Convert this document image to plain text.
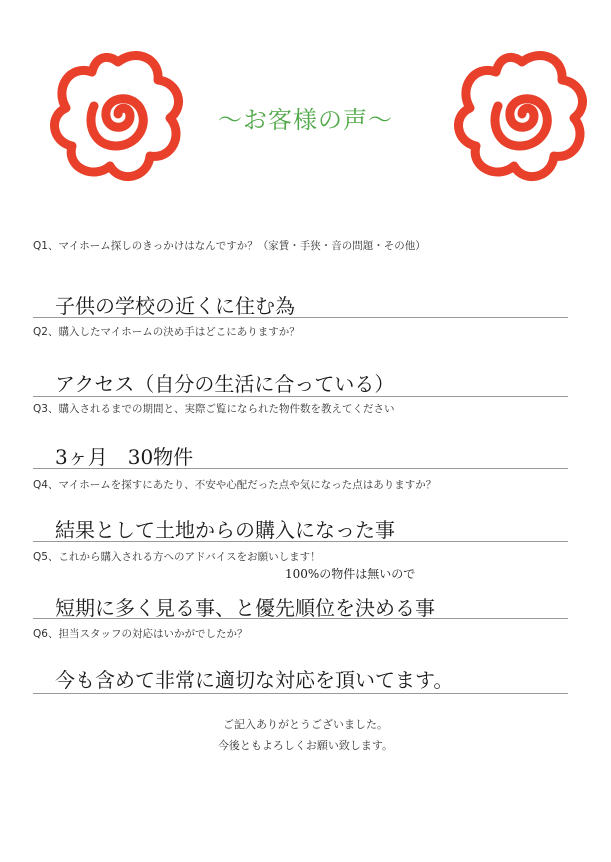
～お客様の声～
Q1、マイホーム探しのきっかけはなんですか？（家賃・手狭・音の問題・その他）
子供の学校の近くに住む為
Q2、購入したマイホームの決め手はどこにありますか？
アクセス（自分の生活に合っている）
Q3、購入されるまでの期間と、実際ご覧になられた物件数を教えてください
3ヶ月　30物件
Q4、マイホームを探すにあたり、不安や心配だった点や気になった点はありますか？
結果として土地からの購入になった事
Q5、これから購入される方へのアドバイスをお願いします！
100%の物件は無いので
短期に多く見る事、と優先順位を決める事
Q6、担当スタッフの対応はいかがでしたか？
今も含めて非常に適切な対応を頂いてます。
ご記入ありがとうございました。
今後ともよろしくお願い致します。
